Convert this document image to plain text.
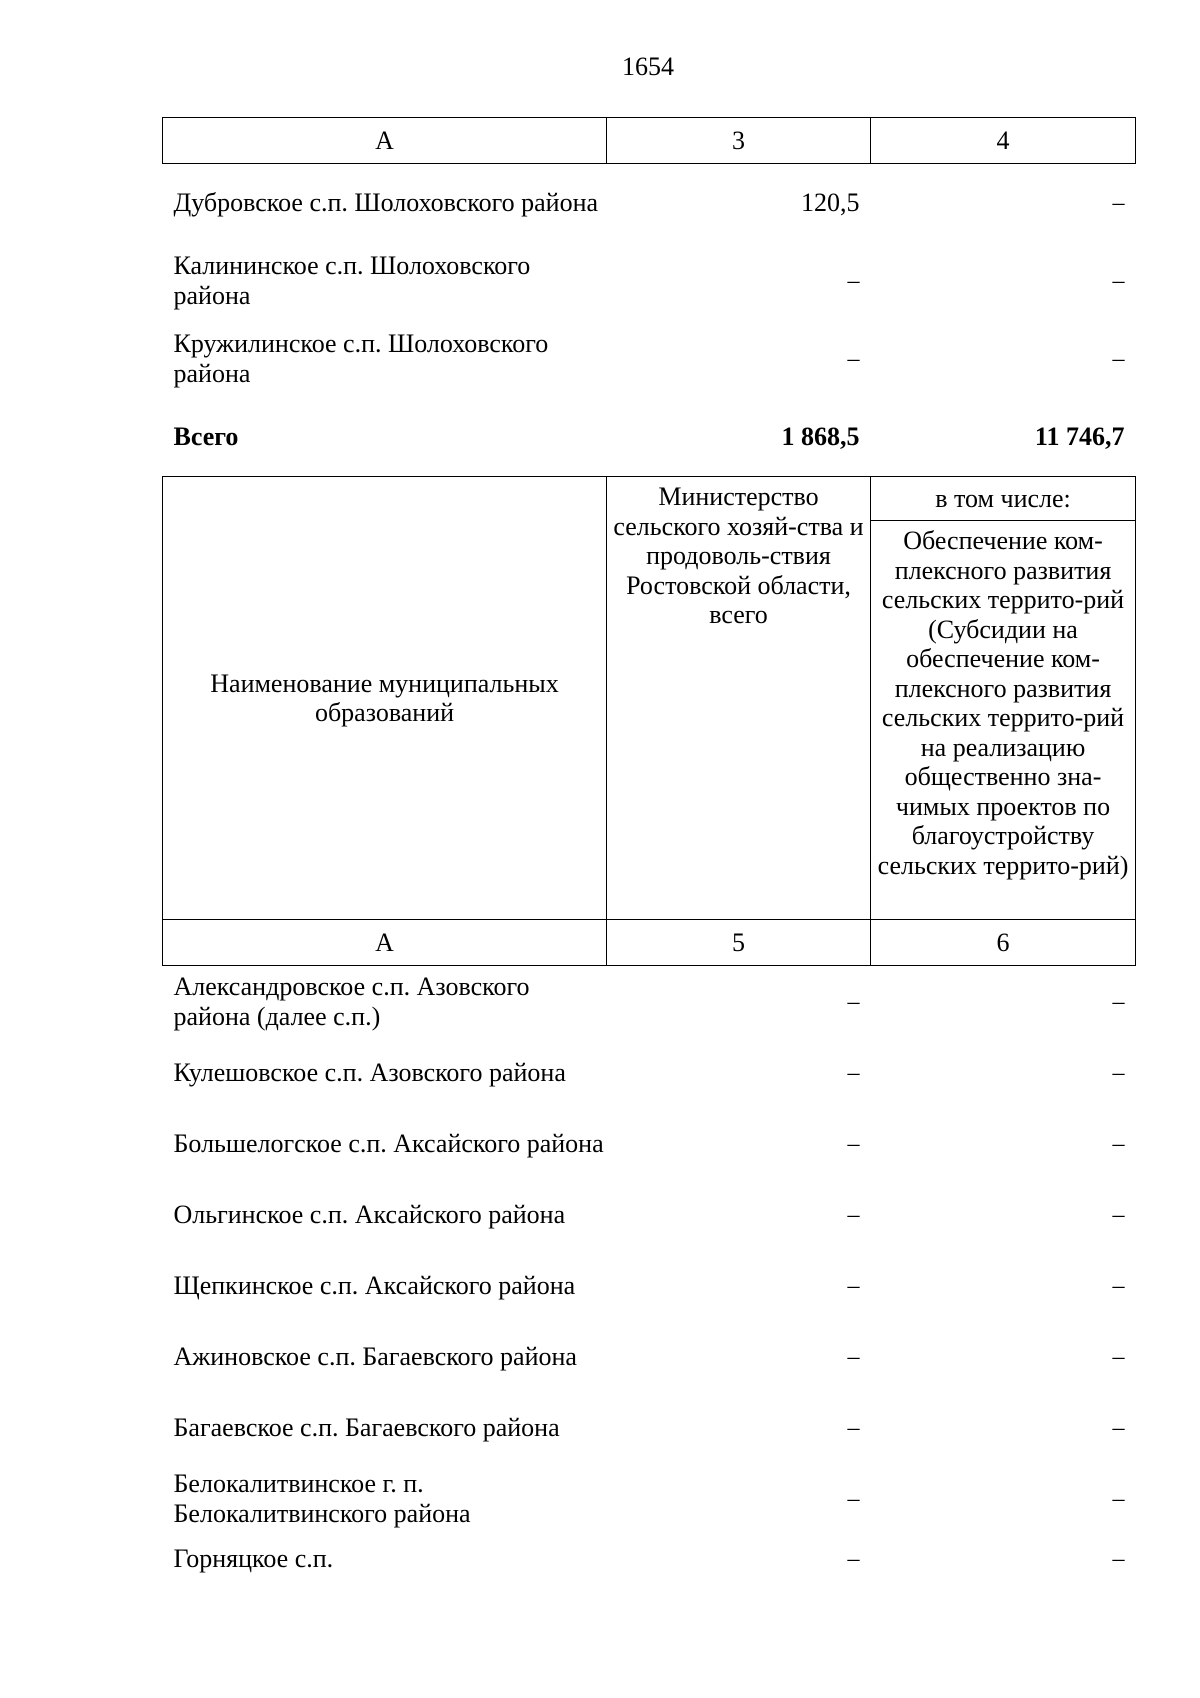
1654
А	3	4
Дубровское с.п. Шолоховского района	120,5	–
Калининское с.п. Шолоховского района	–	–
Кружилинское с.п. Шолоховского района	–	–
Всего	1 868,5	11 746,7
Наименование муниципальных образований	Министерство сельского хозяй-ства и продоволь-ствия Ростовской области, всего	в том числе:
		Обеспечение ком-плексного развития сельских террито-рий (Субсидии на обеспечение ком-плексного развития сельских террито-рий на реализацию общественно зна-чимых проектов по благоустройству сельских террито-рий)
А	5	6
Александровское с.п. Азовского района (далее с.п.)	–	–
Кулешовское с.п. Азовского района	–	–
Большелогское с.п. Аксайского района	–	–
Ольгинское с.п. Аксайского района	–	–
Щепкинское с.п. Аксайского района	–	–
Ажиновское с.п. Багаевского района	–	–
Багаевское с.п. Багаевского района	–	–
Белокалитвинское г. п. Белокалитвинского района	–	–
Горняцкое с.п.	–	–
